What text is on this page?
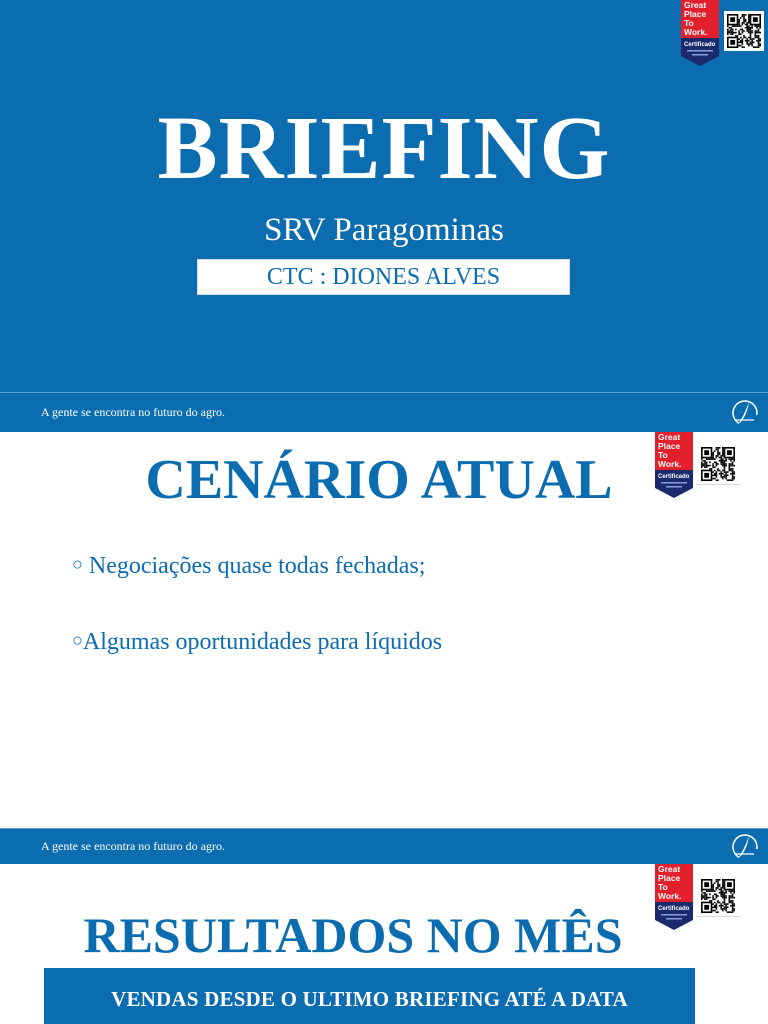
BRIEFING
SRV Paragominas
CTC : DIONES ALVES
Great
Place
To
Work.
Certificado
A gente se encontra no futuro do agro.
CENÁRIO ATUAL
Great
Place
To
Work.
Certificado
○ Negociações quase todas fechadas;
○Algumas oportunidades para líquidos
A gente se encontra no futuro do agro.
RESULTADOS NO MÊS
Great
Place
To
Work.
Certificado
VENDAS DESDE O ULTIMO BRIEFING ATÉ A DATA
